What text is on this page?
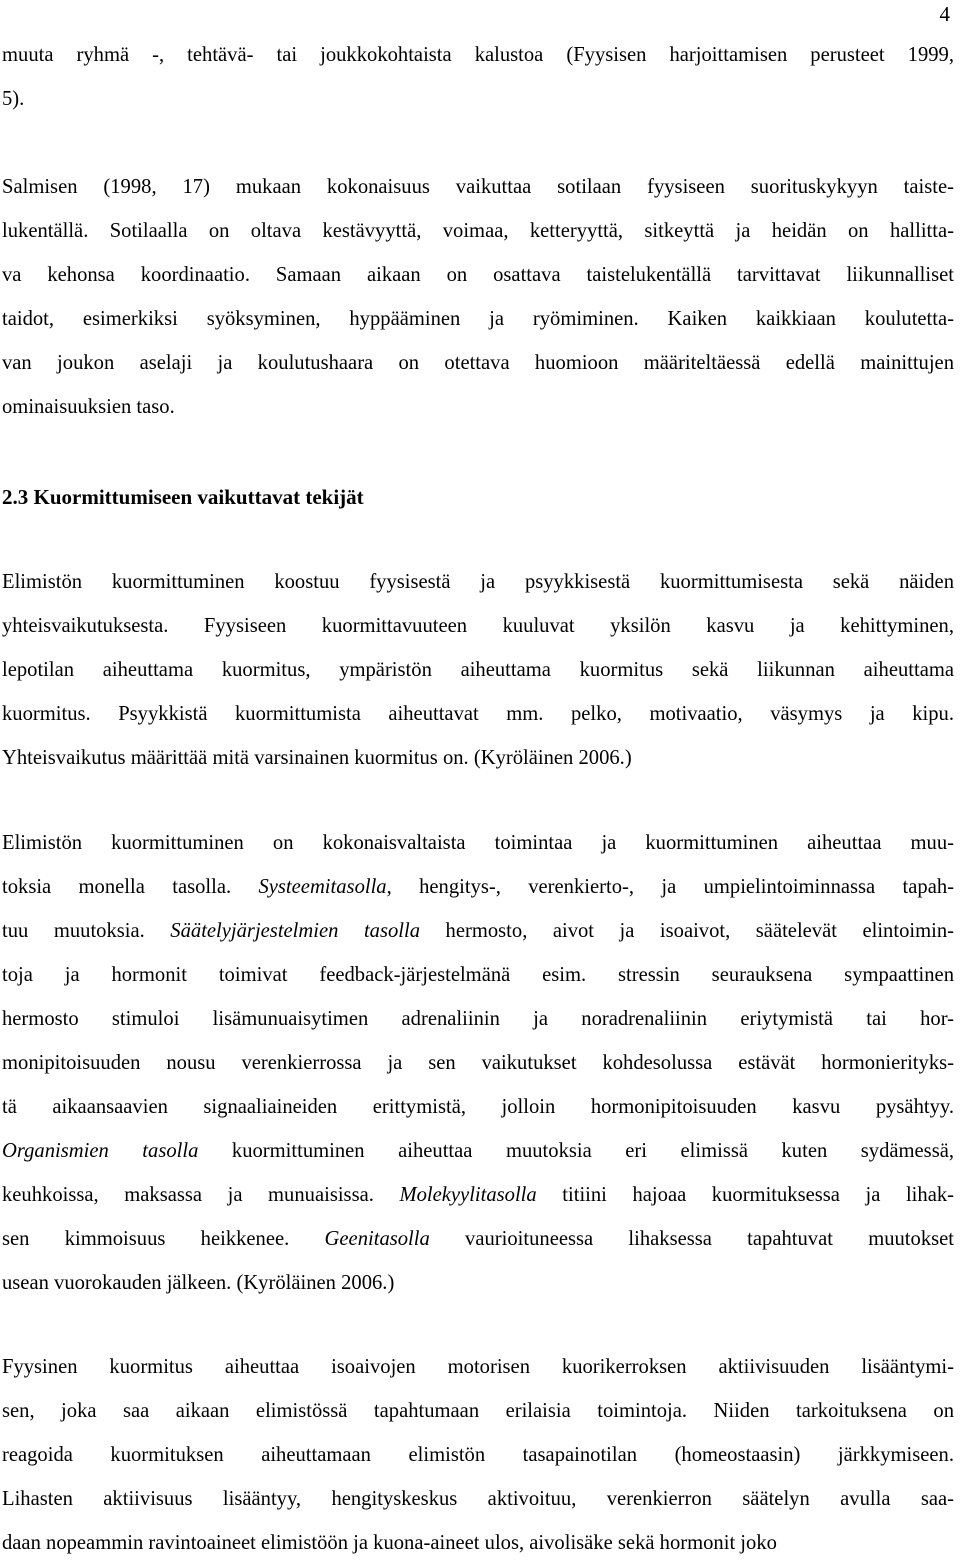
4
muuta ryhmä -, tehtävä- tai joukkokohtaista kalustoa (Fyysisen harjoittamisen perusteet 1999,
5).
Salmisen (1998, 17) mukaan kokonaisuus vaikuttaa sotilaan fyysiseen suorituskykyyn taiste-
lukentällä. Sotilaalla on oltava kestävyyttä, voimaa, ketteryyttä, sitkeyttä ja heidän on hallitta-
va kehonsa koordinaatio. Samaan aikaan on osattava taistelukentällä tarvittavat liikunnalliset
taidot, esimerkiksi syöksyminen, hyppääminen ja ryömiminen. Kaiken kaikkiaan koulutetta-
van joukon aselaji ja koulutushaara on otettava huomioon määriteltäessä edellä mainittujen
ominaisuuksien taso.
2.3 Kuormittumiseen vaikuttavat tekijät
Elimistön kuormittuminen koostuu fyysisestä ja psyykkisestä kuormittumisesta sekä näiden
yhteisvaikutuksesta. Fyysiseen kuormittavuuteen kuuluvat yksilön kasvu ja kehittyminen,
lepotilan aiheuttama kuormitus, ympäristön aiheuttama kuormitus sekä liikunnan aiheuttama
kuormitus. Psyykkistä kuormittumista aiheuttavat mm. pelko, motivaatio, väsymys ja kipu.
Yhteisvaikutus määrittää mitä varsinainen kuormitus on. (Kyröläinen 2006.)
Elimistön kuormittuminen on kokonaisvaltaista toimintaa ja kuormittuminen aiheuttaa muu-
toksia monella tasolla. Systeemitasolla, hengitys-, verenkierto-, ja umpielintoiminnassa tapah-
tuu muutoksia. Säätelyjärjestelmien tasolla hermosto, aivot ja isoaivot, säätelevät elintoimin-
toja ja hormonit toimivat feedback-järjestelmänä esim. stressin seurauksena sympaattinen
hermosto stimuloi lisämunuaisytimen adrenaliinin ja noradrenaliinin eriytymistä tai hor-
monipitoisuuden nousu verenkierrossa ja sen vaikutukset kohdesolussa estävät hormonierityks-
tä aikaansaavien signaaliaineiden erittymistä, jolloin hormonipitoisuuden kasvu pysähtyy.
Organismien tasolla kuormittuminen aiheuttaa muutoksia eri elimissä kuten sydämessä,
keuhkoissa, maksassa ja munuaisissa. Molekyylitasolla titiini hajoaa kuormituksessa ja lihak-
sen kimmoisuus heikkenee. Geenitasolla vaurioituneessa lihaksessa tapahtuvat muutokset
usean vuorokauden jälkeen. (Kyröläinen 2006.)
Fyysinen kuormitus aiheuttaa isoaivojen motorisen kuorikerroksen aktiivisuuden lisääntymi-
sen, joka saa aikaan elimistössä tapahtumaan erilaisia toimintoja. Niiden tarkoituksena on
reagoida kuormituksen aiheuttamaan elimistön tasapainotilan (homeostaasin) järkkymiseen.
Lihasten aktiivisuus lisääntyy, hengityskeskus aktivoituu, verenkierron säätelyn avulla saa-
daan nopeammin ravintoaineet elimistöön ja kuona-aineet ulos, aivolisäke sekä hormonit joko
